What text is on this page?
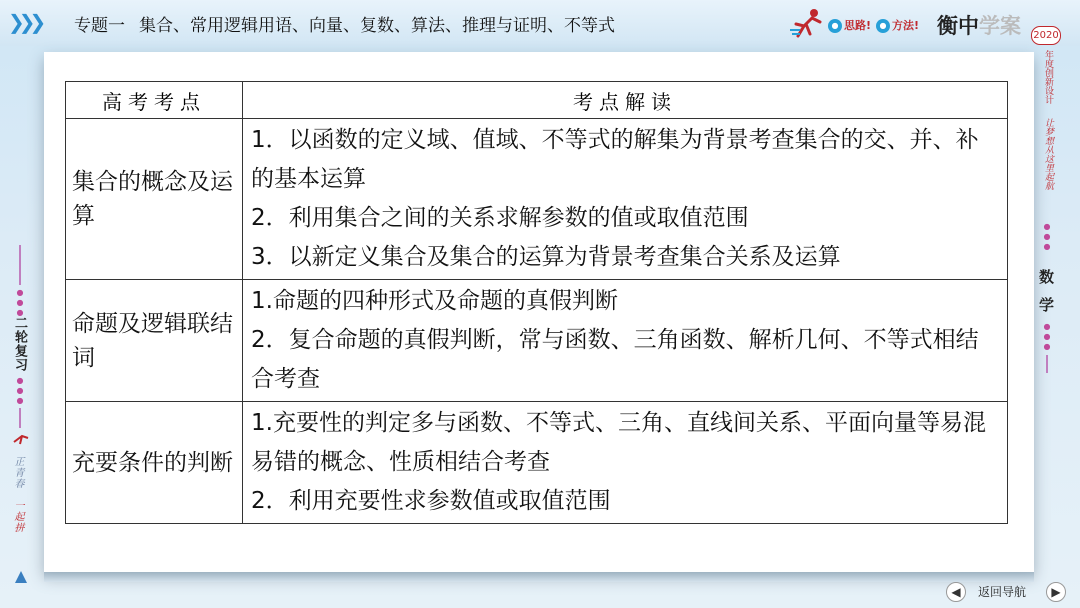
❯❯❯ 专题一 集合、常用逻辑用语、向量、复数、算法、推理与证明、不等式	● 思路!	● 方法! 衡中学案 2020
高考考点	考点解读
集合的概念及运算	1．以函数的定义域、值域、不等式的解集为背景考查集合的交、并、补的基本运算
2．利用集合之间的关系求解参数的值或取值范围
3．以新定义集合及集合的运算为背景考查集合关系及运算

命题及逻辑联结词	1.命题的四种形式及命题的真假判断
2．复合命题的真假判断，常与函数、三角函数、解析几何、不等式相结合考查

充要条件的判断	1.充要性的判定多与函数、不等式、三角、直线间关系、平面向量等易混易错的概念、性质相结合考查
2．利用充要性求参数值或取值范围
●
●
●
二轮复习
●
●
●
正青春
一起拼
年度创新设计
让梦想从这里起航
●
●
●
数
学
●
●
●
◀	返回导航	▶
